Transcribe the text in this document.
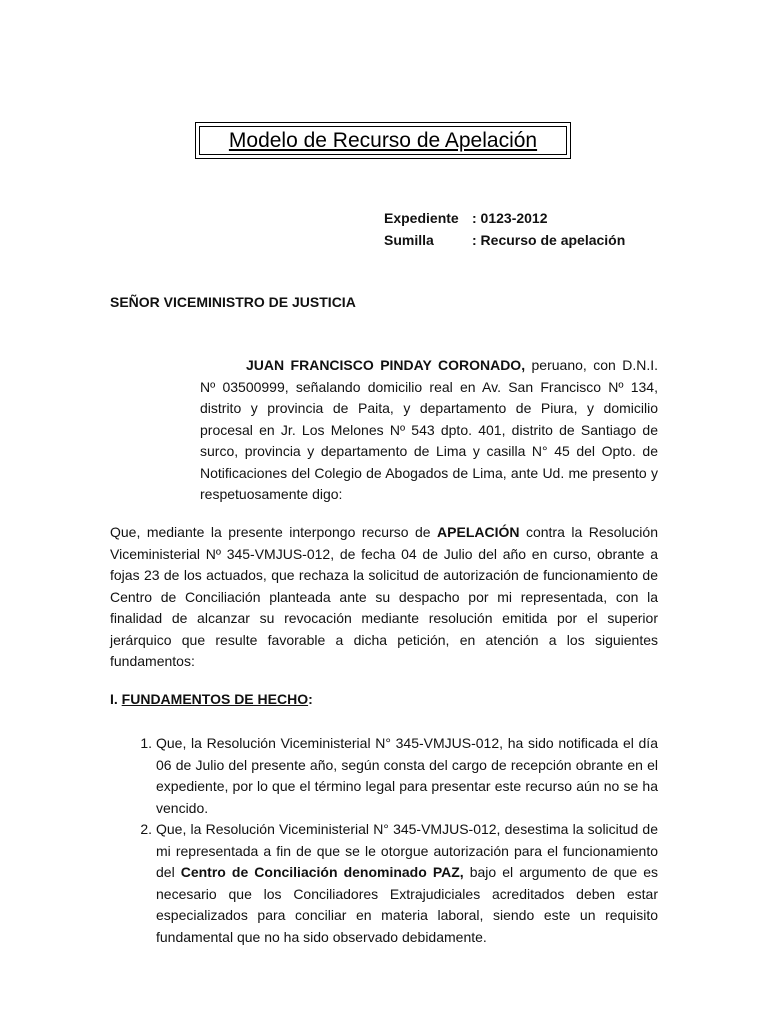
Modelo de Recurso de Apelación
Expediente : 0123-2012
Sumilla	: Recurso de apelación
SEÑOR VICEMINISTRO DE JUSTICIA

JUAN FRANCISCO PINDAY CORONADO, peruano, con D.N.I. Nº 03500999, señalando domicilio real en Av. San Francisco Nº 134, distrito y provincia de Paita, y departamento de Piura, y domicilio procesal en Jr. Los Melones Nº 543 dpto. 401, distrito de Santiago de surco, provincia y departamento de Lima y casilla N° 45 del Opto. de Notificaciones del Colegio de Abogados de Lima, ante Ud. me presento y respetuosamente digo:

Que, mediante la presente interpongo recurso de APELACIÓN contra la Resolución Viceministerial Nº 345-VMJUS-012, de fecha 04 de Julio del año en curso, obrante a fojas 23 de los actuados, que rechaza la solicitud de autorización de funcionamiento de Centro de Conciliación planteada ante su despacho por mi representada, con la finalidad de alcanzar su revocación mediante resolución emitida por el superior jerárquico que resulte favorable a dicha petición, en atención a los siguientes fundamentos:

I. FUNDAMENTOS DE HECHO:
1. Que, la Resolución Viceministerial N° 345-VMJUS-012, ha sido notificada el día 06 de Julio del presente año, según consta del cargo de recepción obrante en el expediente, por lo que el término legal para presentar este recurso aún no se ha vencido.
2. Que, la Resolución Viceministerial N° 345-VMJUS-012, desestima la solicitud de mi representada a fin de que se le otorgue autorización para el funcionamiento del Centro de Conciliación denominado PAZ, bajo el argumento de que es necesario que los Conciliadores Extrajudiciales acreditados deben estar especializados para conciliar en materia laboral, siendo este un requisito fundamental que no ha sido observado debidamente.
